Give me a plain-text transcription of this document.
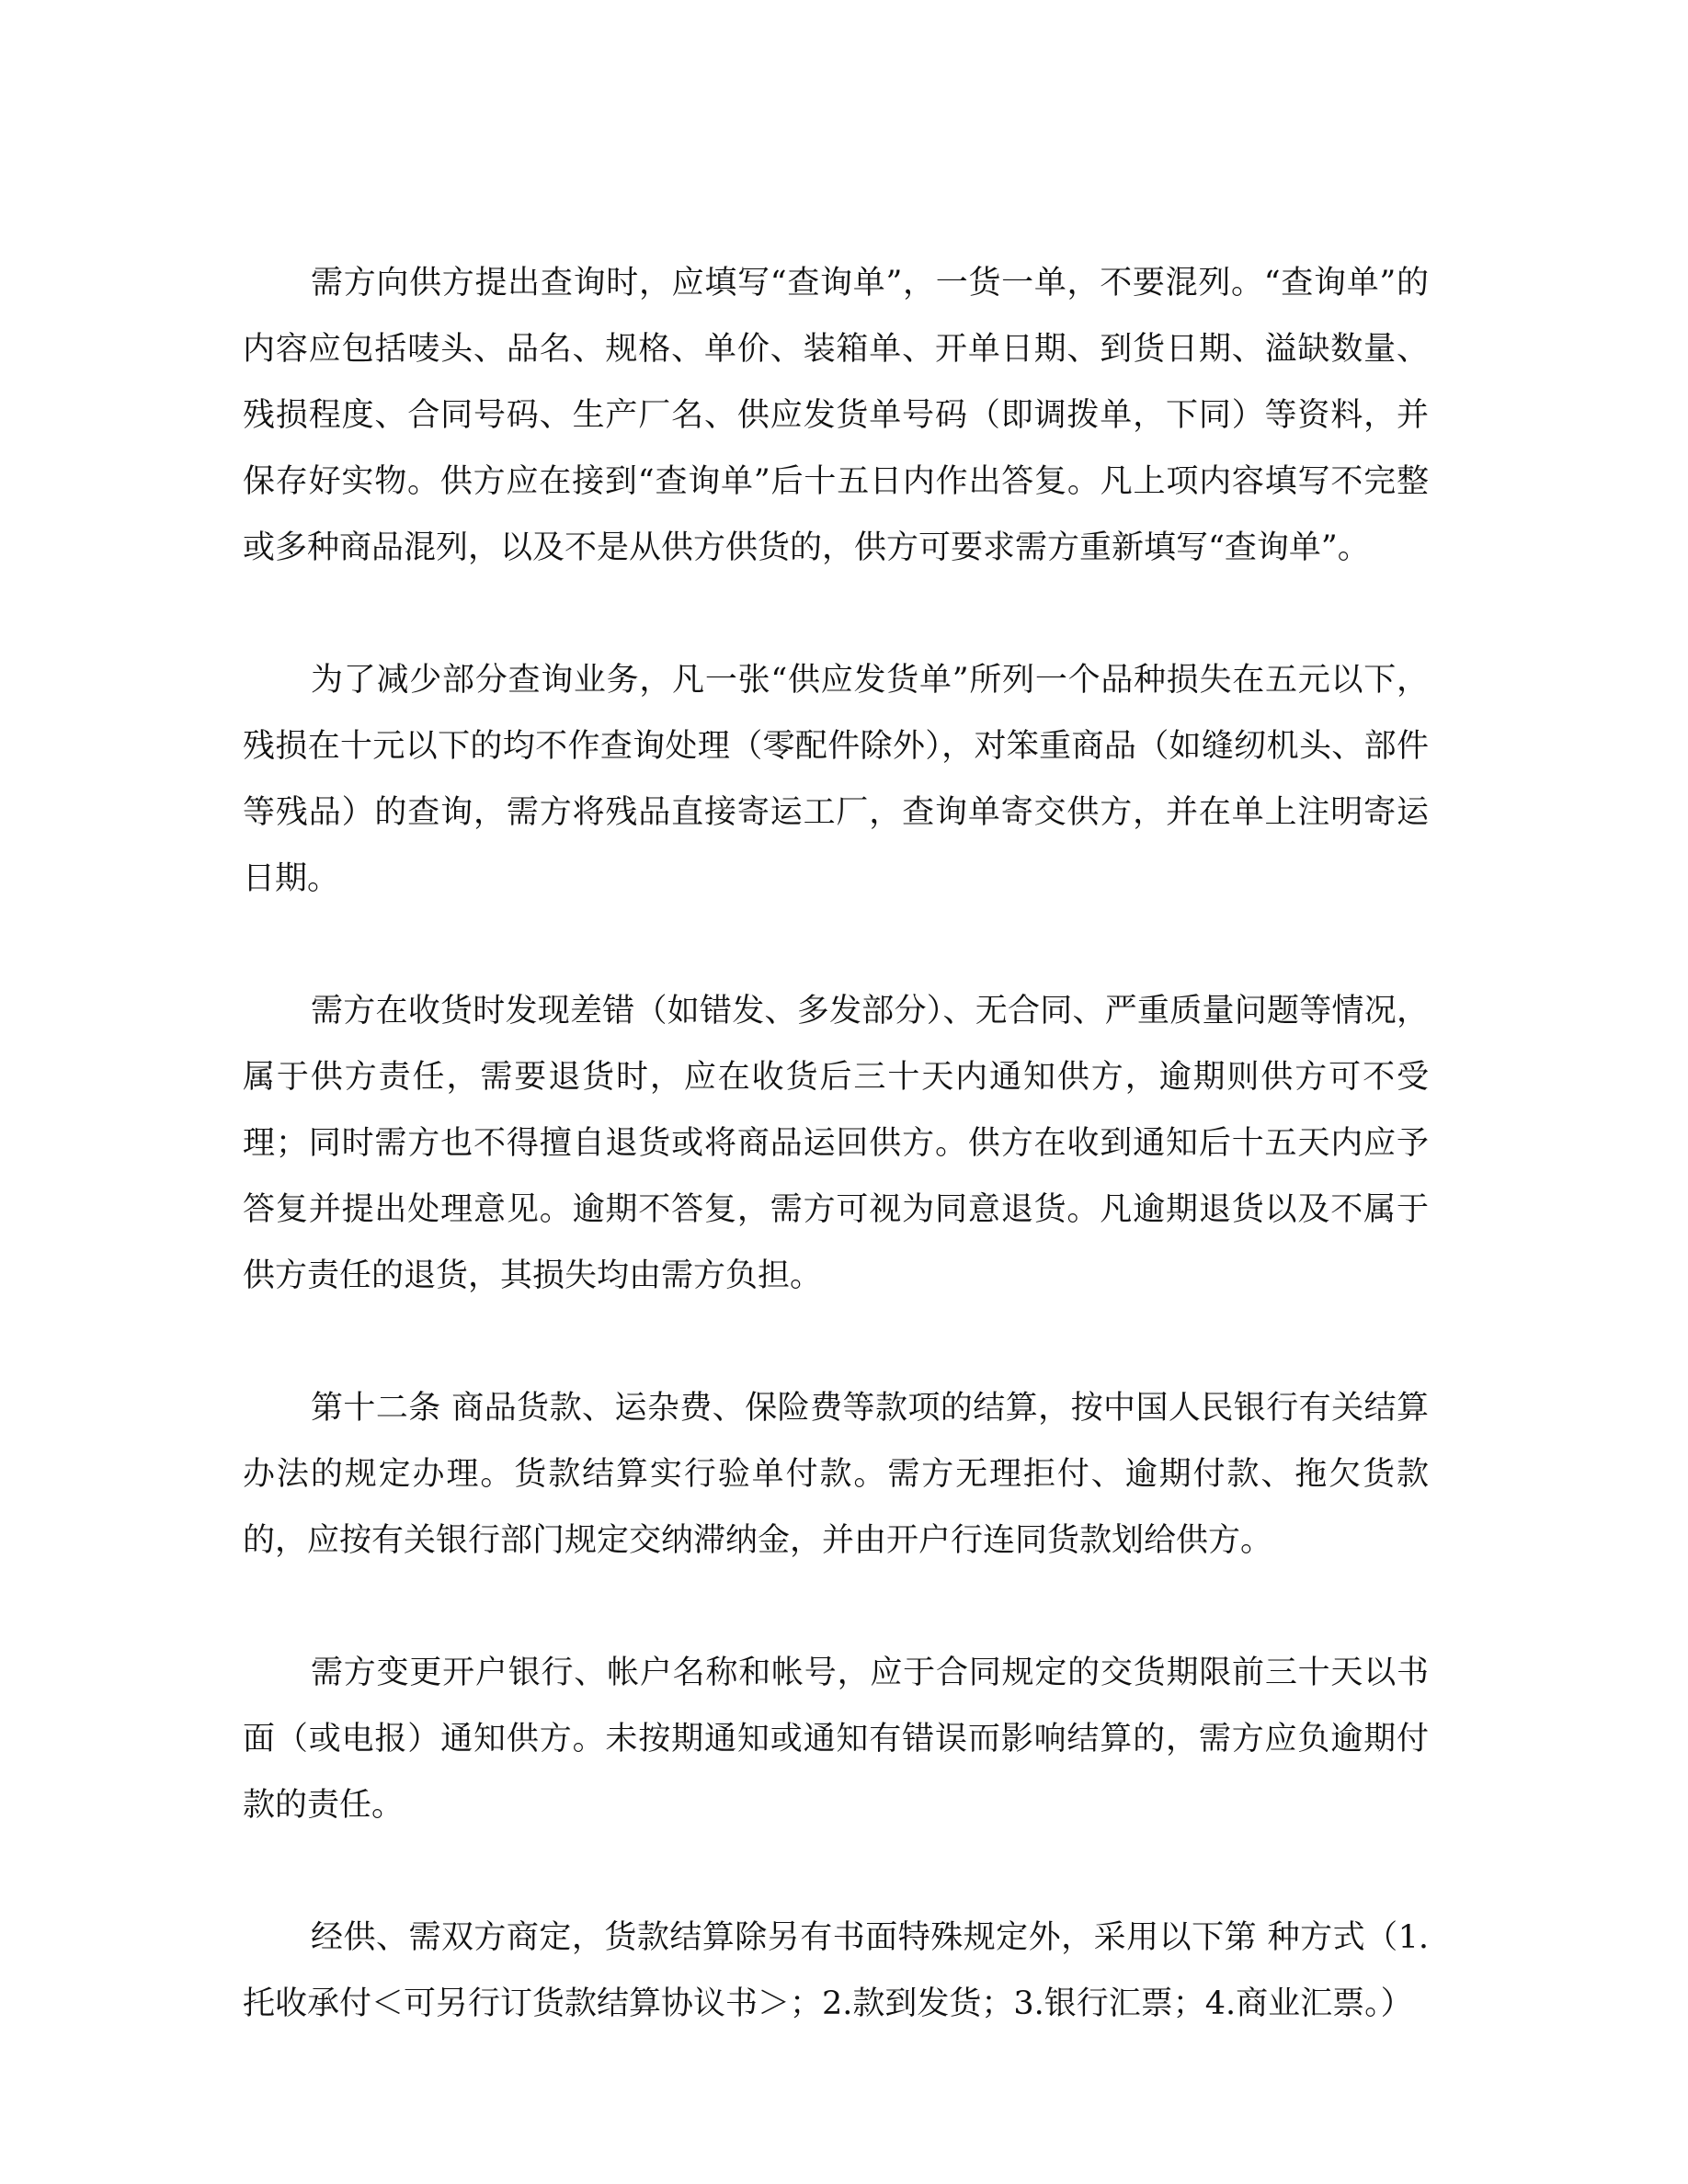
需方向供方提出查询时，应填写“查询单”，一货一单，不要混列。“查询单”的内容应包括唛头、品名、规格、单价、装箱单、开单日期、到货日期、溢缺数量、残损程度、合同号码、生产厂名、供应发货单号码（即调拨单，下同）等资料，并保存好实物。供方应在接到“查询单”后十五日内作出答复。凡上项内容填写不完整或多种商品混列，以及不是从供方供货的，供方可要求需方重新填写“查询单”。

为了减少部分查询业务，凡一张“供应发货单”所列一个品种损失在五元以下，残损在十元以下的均不作查询处理（零配件除外），对笨重商品（如缝纫机头、部件等残品）的查询，需方将残品直接寄运工厂，查询单寄交供方，并在单上注明寄运日期。

需方在收货时发现差错（如错发、多发部分）、无合同、严重质量问题等情况，属于供方责任，需要退货时，应在收货后三十天内通知供方，逾期则供方可不受理；同时需方也不得擅自退货或将商品运回供方。供方在收到通知后十五天内应予答复并提出处理意见。逾期不答复，需方可视为同意退货。凡逾期退货以及不属于供方责任的退货，其损失均由需方负担。

第十二条 商品货款、运杂费、保险费等款项的结算，按中国人民银行有关结算办法的规定办理。货款结算实行验单付款。需方无理拒付、逾期付款、拖欠货款的，应按有关银行部门规定交纳滞纳金，并由开户行连同货款划给供方。

需方变更开户银行、帐户名称和帐号，应于合同规定的交货期限前三十天以书面（或电报）通知供方。未按期通知或通知有错误而影响结算的，需方应负逾期付款的责任。

经供、需双方商定，货款结算除另有书面特殊规定外，采用以下第 种方式（1.托收承付＜可另行订货款结算协议书＞；2.款到发货；3.银行汇票；4.商业汇票。）
